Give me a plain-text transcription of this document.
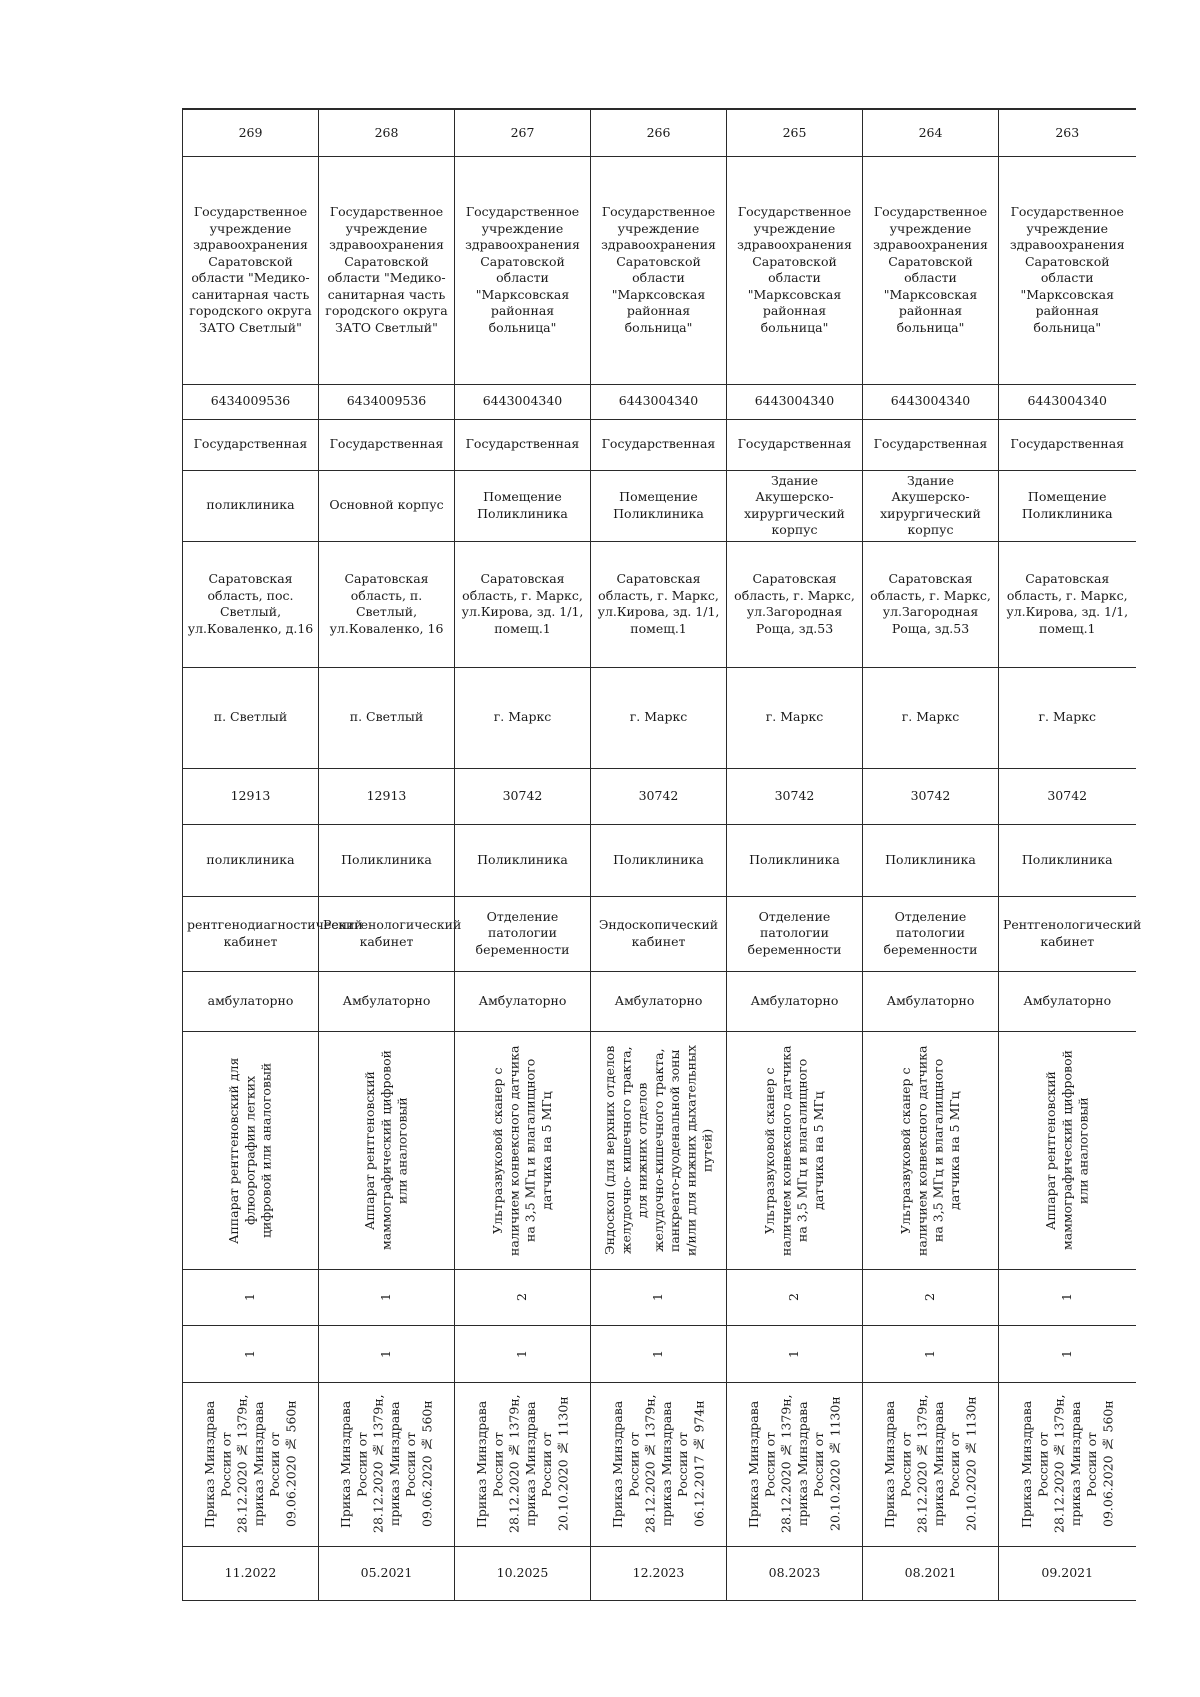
269	268	267	266	265	264	263
Государственное учреждение здравоохранения Саратовской области "Медико-санитарная часть городского округа ЗАТО Светлый"	Государственное учреждение здравоохранения Саратовской области "Медико-санитарная часть городского округа ЗАТО Светлый"	Государственное учреждение здравоохранения Саратовской области "Марксовская районная больница"	Государственное учреждение здравоохранения Саратовской области "Марксовская районная больница"	Государственное учреждение здравоохранения Саратовской области "Марксовская районная больница"	Государственное учреждение здравоохранения Саратовской области "Марксовская районная больница"	Государственное учреждение здравоохранения Саратовской области "Марксовская районная больница"
6434009536	6434009536	6443004340	6443004340	6443004340	6443004340	6443004340
Государственная	Государственная	Государственная	Государственная	Государственная	Государственная	Государственная
поликлиника	Основной корпус	Помещение Поликлиника	Помещение Поликлиника	Здание Акушерско-хирургический корпус	Здание Акушерско-хирургический корпус	Помещение Поликлиника
Саратовская область, пос. Светлый, ул.Коваленко, д.16	Саратовская область, п. Светлый, ул.Коваленко, 16	Саратовская область, г. Маркс, ул.Кирова, зд. 1/1, помещ.1	Саратовская область, г. Маркс, ул.Кирова, зд. 1/1, помещ.1	Саратовская область, г. Маркс, ул.Загородная Роща, зд.53	Саратовская область, г. Маркс, ул.Загородная Роща, зд.53	Саратовская область, г. Маркс, ул.Кирова, зд. 1/1, помещ.1
п. Светлый	п. Светлый	г. Маркс	г. Маркс	г. Маркс	г. Маркс	г. Маркс
12913	12913	30742	30742	30742	30742	30742
поликлиника	Поликлиника	Поликлиника	Поликлиника	Поликлиника	Поликлиника	Поликлиника
рентгенодиагностический кабинет	Рентгенологический кабинет	Отделение патологии беременности	Эндоскопический кабинет	Отделение патологии беременности	Отделение патологии беременности	Рентгенологический кабинет
амбулаторно	Амбулаторно	Амбулаторно	Амбулаторно	Амбулаторно	Амбулаторно	Амбулаторно

Аппарат рентгеновский для флюорографии легких цифровой или аналоговый	Аппарат рентгеновский маммографический цифровой или аналоговый	Ультразвуковой сканер с наличием конвексного датчика на 3,5 МГц и влагалищного датчика на 5 МГц	Эндоскоп (для верхних отделов желудочно- кишечного тракта, для нижних отделов желудочно-кишечного тракта, панкреато-дуоденальной зоны и/или для нижних дыхательных путей)	Ультразвуковой сканер с наличием конвексного датчика на 3,5 МГц и влагалищного датчика на 5 МГц	Ультразвуковой сканер с наличием конвексного датчика на 3,5 МГц и влагалищного датчика на 5 МГц	Аппарат рентгеновский маммографический цифровой или аналоговый

1	1	2	1	2	2	1

1	1	1	1	1	1	1

Приказ Минздрава России от 28.12.2020 № 1379н, приказ Минздрава России от 09.06.2020 № 560н	Приказ Минздрава России от 28.12.2020 № 1379н, приказ Минздрава России от 09.06.2020 № 560н	Приказ Минздрава России от 28.12.2020 № 1379н, приказ Минздрава России от 20.10.2020 № 1130н	Приказ Минздрава России от 28.12.2020 № 1379н, приказ Минздрава России от 06.12.2017 № 974н	Приказ Минздрава России от 28.12.2020 № 1379н, приказ Минздрава России от 20.10.2020 № 1130н	Приказ Минздрава России от 28.12.2020 № 1379н, приказ Минздрава России от 20.10.2020 № 1130н	Приказ Минздрава России от 28.12.2020 № 1379н, приказ Минздрава России от 09.06.2020 № 560н

11.2022	05.2021	10.2025	12.2023	08.2023	08.2021	09.2021
